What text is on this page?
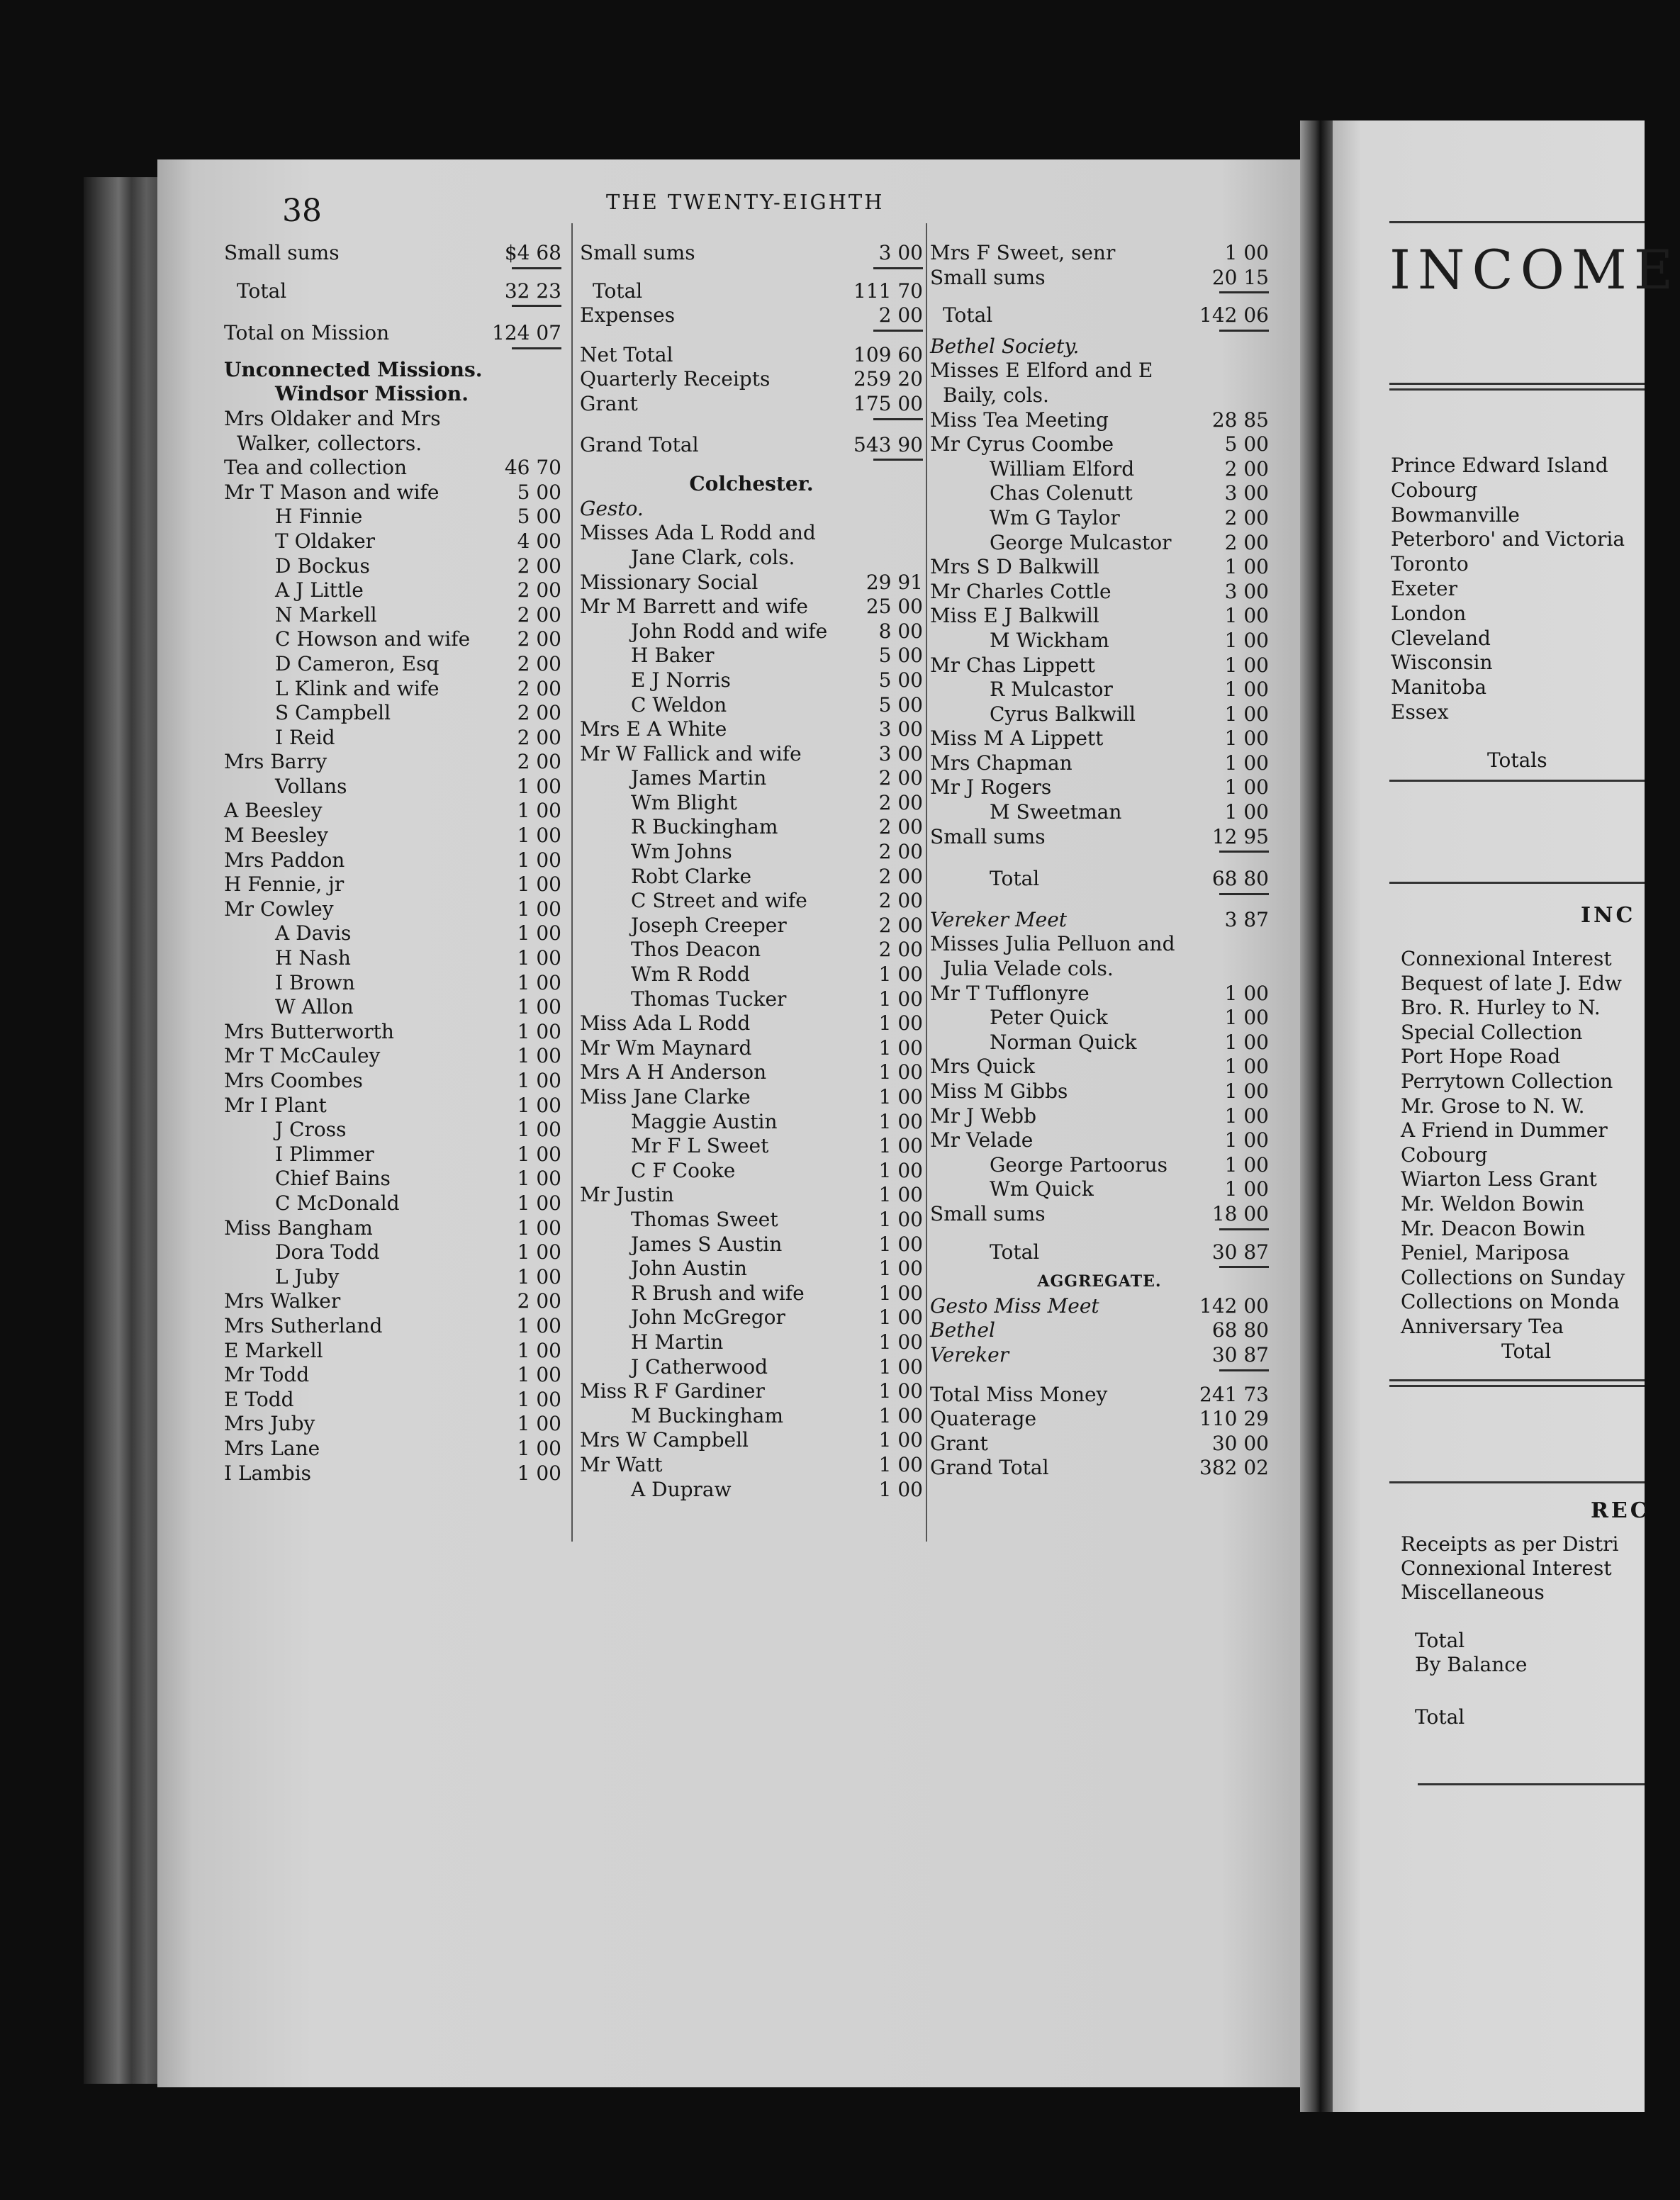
38	THE TWENTY-EIGHTH
Small sums	$4 68
Total	32 23
Total on Mission	124 07
Unconnected Missions.
Windsor Mission.
Mrs Oldaker and Mrs
Walker, collectors.
Tea and collection	46 70
Mr T Mason and wife	5 00
H Finnie	5 00
T Oldaker	4 00
D Bockus	2 00
A J Little	2 00
N Markell	2 00
C Howson and wife 2 00
D Cameron, Esq	2 00
L Klink and wife	2 00
S Campbell	2 00
I Reid	2 00
Mrs Barry	2 00
Vollans	1 00
A Beesley	1 00
M Beesley	1 00
Mrs Paddon	1 00
H Fennie, jr	1 00
Mr Cowley	1 00
A Davis	1 00
H Nash	1 00
I Brown	1 00
W Allon	1 00
Mrs Butterworth	1 00
Mr T McCauley	1 00
Mrs Coombes	1 00
Mr I Plant	1 00
J Cross	1 00
I Plimmer	1 00
Chief Bains	1 00
C McDonald	1 00
Miss Bangham	1 00
Dora Todd	1 00
L Juby	1 00
Mrs Walker	2 00
Mrs Sutherland	1 00
E Markell	1 00
Mr Todd	1 00
E Todd	1 00
Mrs Juby	1 00
Mrs Lane	1 00
I Lambis	1 00
Small sums	3 00
Total	111 70
Expenses	2 00
Net Total	109 60
Quarterly Receipts	259 20
Grant	175 00
Grand Total	543 90
Colchester.
Gesto.
Misses Ada L Rodd and
Jane Clark, cols.
Missionary Social	29 91
Mr M Barrett and wife	25 00
John Rodd and wife	8 00
H Baker	5 00
E J Norris	5 00
C Weldon	5 00
Mrs E A White	3 00
Mr W Fallick and wife	3 00
James Martin	2 00
Wm Blight	2 00
R Buckingham	2 00
Wm Johns	2 00
Robt Clarke	2 00
C Street and wife	2 00
Joseph Creeper	2 00
Thos Deacon	2 00
Wm R Rodd	1 00
Thomas Tucker	1 00
Miss Ada L Rodd	1 00
Mr Wm Maynard	1 00
Mrs A H Anderson	1 00
Miss Jane Clarke	1 00
Maggie Austin	1 00
Mr F L Sweet	1 00
C F Cooke	1 00
Mr Justin	1 00
Thomas Sweet	1 00
James S Austin	1 00
John Austin	1 00
R Brush and wife	1 00
John McGregor	1 00
H Martin	1 00
J Catherwood	1 00
Miss R F Gardiner	1 00
M Buckingham	1 00
Mrs W Campbell	1 00
Mr Watt	1 00
A Dupraw	1 00
Mrs F Sweet, senr	1 00
Small sums	20 15
Total	142 06
Bethel Society.
Misses E Elford and E
Baily, cols.
Miss Tea Meeting	28 85
Mr Cyrus Coombe	5 00
William Elford	2 00
Chas Colenutt	3 00
Wm G Taylor	2 00
George Mulcastor	2 00
Mrs S D Balkwill	1 00
Mr Charles Cottle	3 00
Miss E J Balkwill	1 00
M Wickham	1 00
Mr Chas Lippett	1 00
R Mulcastor	1 00
Cyrus Balkwill	1 00
Miss M A Lippett	1 00
Mrs Chapman	1 00
Mr J Rogers	1 00
M Sweetman	1 00
Small sums	12 95
Total	68 80
Vereker Meet	3 87
Misses Julia Pelluon and
Julia Velade cols.
Mr T Tufflonyre	1 00
Peter Quick	1 00
Norman Quick	1 00
Mrs Quick	1 00
Miss M Gibbs	1 00
Mr J Webb	1 00
Mr Velade	1 00
George Partoorus	1 00
Wm Quick	1 00
Small sums	18 00
Total	30 87
AGGREGATE.
Gesto Miss Meet	142 00
Bethel	68 80
Vereker	30 87
Total Miss Money	241 73
Quaterage	110 29
Grant	30 00
Grand Total	382 02
INCOME
Prince Edward Island
Cobourg
Bowmanville
Peterboro' and Victoria
Toronto
Exeter
London
Cleveland
Wisconsin
Manitoba
Essex
Totals
INC
Connexional Interest
Bequest of late J. Edw
Bro. R. Hurley to N.
Special Collection
Port Hope Road
Perrytown Collection
Mr. Grose to N. W.
A Friend in Dummer
Cobourg
Wiarton Less Grant
Mr. Weldon Bowin
Mr. Deacon Bowin
Peniel, Mariposa
Collections on Sunday
Collections on Monda
Anniversary Tea
Total
REC
Receipts as per Distri
Connexional Interest
Miscellaneous
Total
By Balance
Total
